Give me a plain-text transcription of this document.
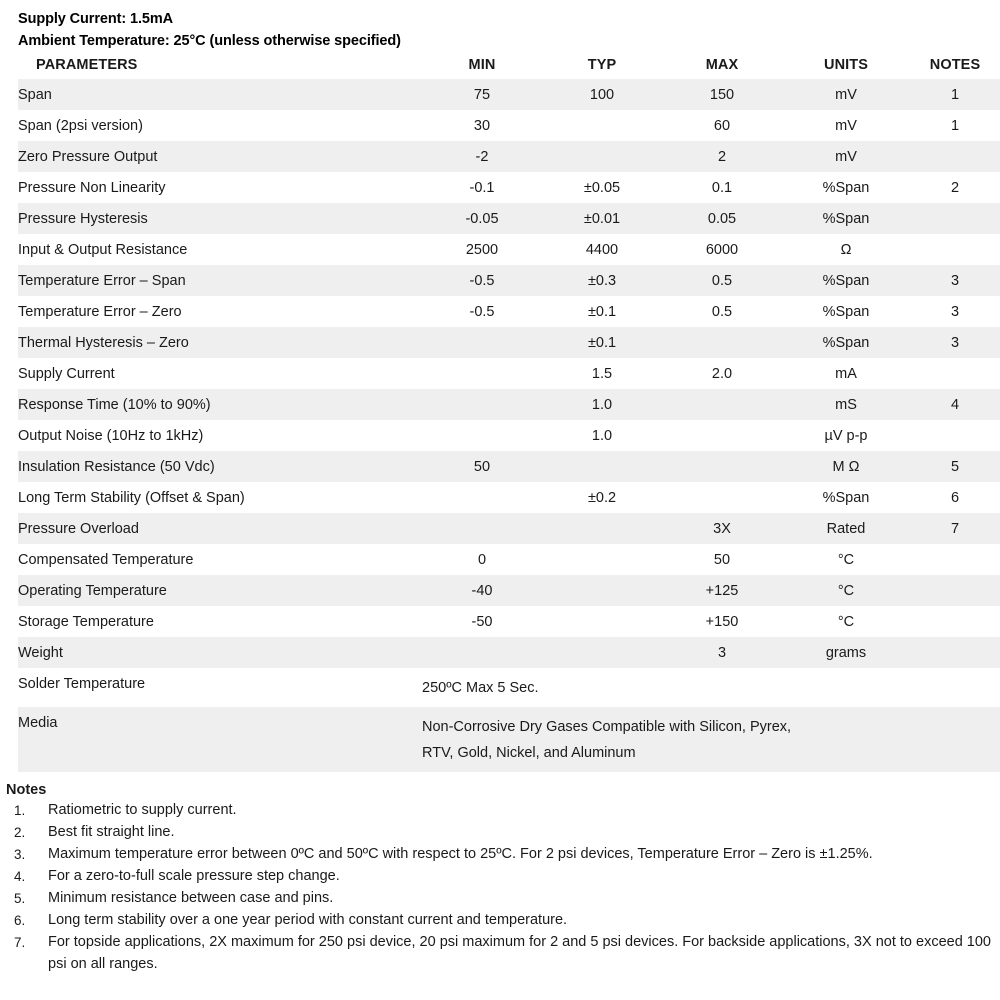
Supply Current: 1.5mA
Ambient Temperature: 25°C (unless otherwise specified)
PARAMETERS	MIN	TYP	MAX	UNITS	NOTES
Span	75	100	150	mV	1
Span (2psi version)	30		60	mV	1
Zero Pressure Output	-2		2	mV	
Pressure Non Linearity	-0.1	±0.05	0.1	%Span	2
Pressure Hysteresis	-0.05	±0.01	0.05	%Span	
Input & Output Resistance	2500	4400	6000	Ω	
Temperature Error – Span	-0.5	±0.3	0.5	%Span	3
Temperature Error – Zero	-0.5	±0.1	0.5	%Span	3
Thermal Hysteresis – Zero		±0.1		%Span	3
Supply Current		1.5	2.0	mA	
Response Time (10% to 90%)		1.0		mS	4
Output Noise (10Hz to 1kHz)		1.0		µV p-p	
Insulation Resistance (50 Vdc)	50			M Ω	5
Long Term Stability (Offset & Span)		±0.2		%Span	6
Pressure Overload			3X	Rated	7
Compensated Temperature	0		50	°C	
Operating Temperature	-40		+125	°C	
Storage Temperature	-50		+150	°C	
Weight			3	grams	
Solder Temperature	250ºC Max 5 Sec.				

Media	Non-Corrosive Dry Gases Compatible with Silicon, Pyrex,
RTV, Gold, Nickel, and Aluminum				
Notes
1.	Ratiometric to supply current.
2.	Best fit straight line.
3.	Maximum temperature error between 0ºC and 50ºC with respect to 25ºC. For 2 psi devices, Temperature Error – Zero is ±1.25%.
4.	For a zero-to-full scale pressure step change.
5.	Minimum resistance between case and pins.
6.	Long term stability over a one year period with constant current and temperature.
7.	For topside applications, 2X maximum for 250 psi device, 20 psi maximum for 2 and 5 psi devices. For backside applications, 3X not to exceed 100 psi on all ranges.
